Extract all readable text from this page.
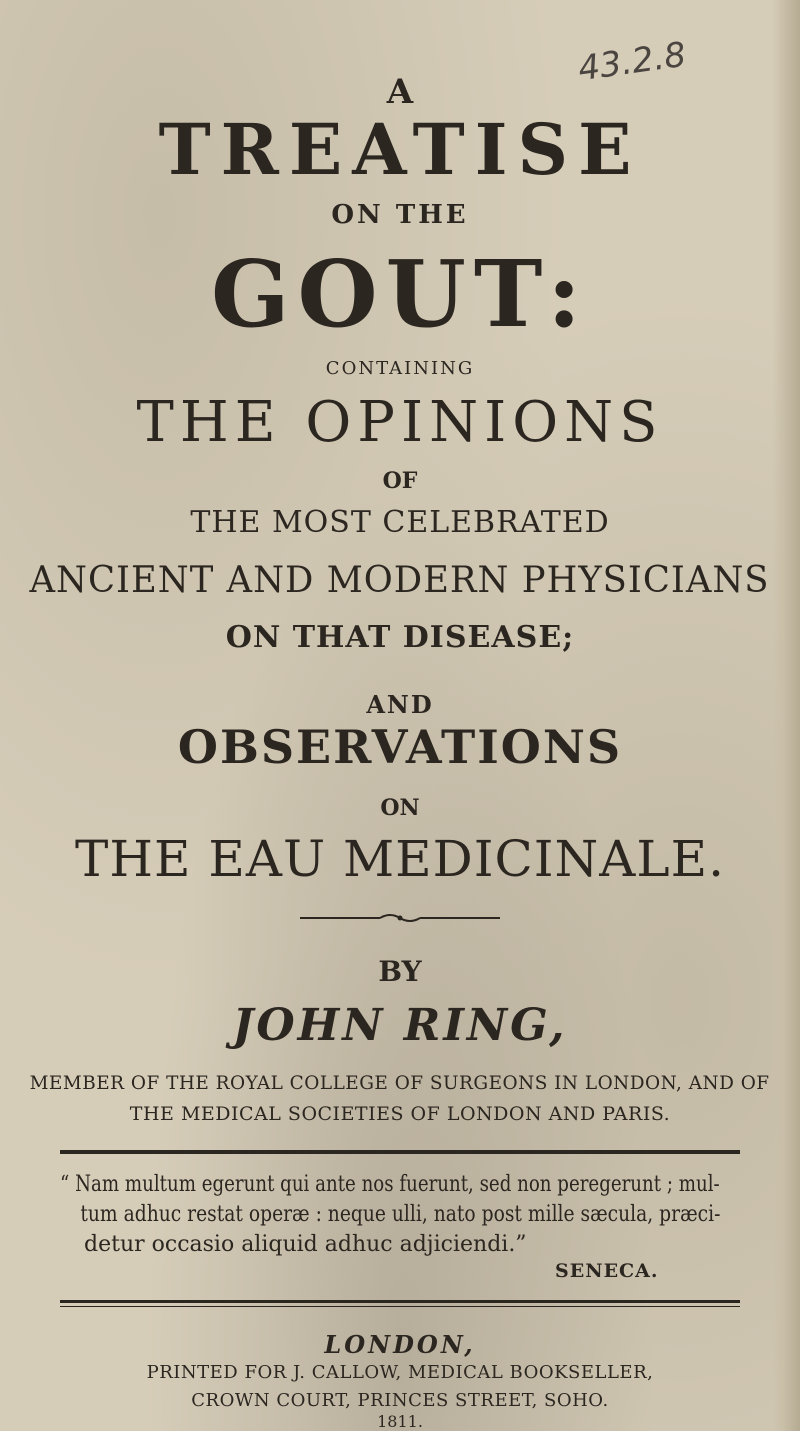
43.2.8
A
TREATISE
ON THE
GOUT:
CONTAINING
THE OPINIONS
OF
THE MOST CELEBRATED
ANCIENT AND MODERN PHYSICIANS
ON THAT DISEASE;
AND
OBSERVATIONS
ON
THE EAU MEDICINALE.
BY
JOHN RING,
MEMBER OF THE ROYAL COLLEGE OF SURGEONS IN LONDON, AND OF
THE MEDICAL SOCIETIES OF LONDON AND PARIS.
“ Nam multum egerunt qui ante nos fuerunt, sed non peregerunt ; mul-
tum adhuc restat operæ : neque ulli, nato post mille sæcula, præci-
detur occasio aliquid adhuc adjiciendi.”
SENECA.
LONDON,
PRINTED FOR J. CALLOW, MEDICAL BOOKSELLER,
CROWN COURT, PRINCES STREET, SOHO.
1811.
